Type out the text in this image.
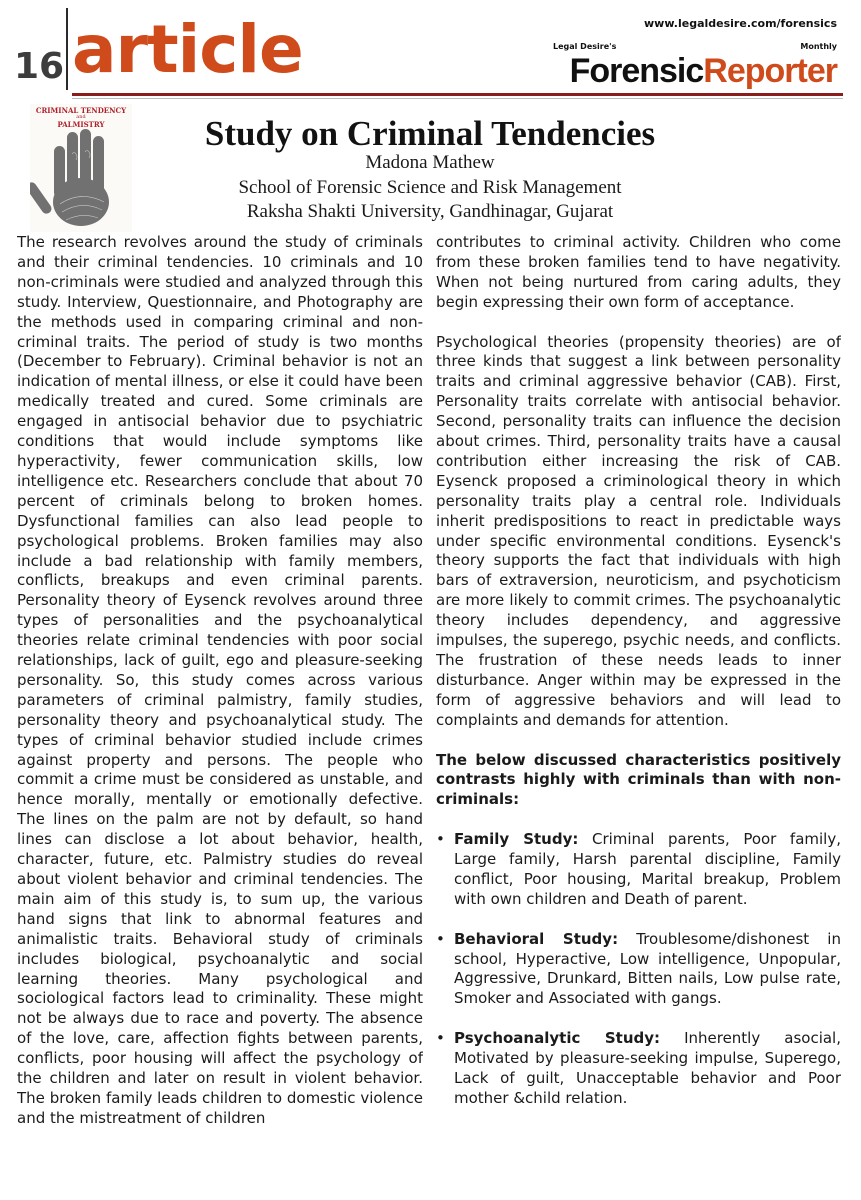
16 article	www.legaldesire.com/forensics
Legal Desire's	Monthly
ForensicReporter
CRIMINAL TENDENCY
and
PALMISTRY	Study on Criminal Tendencies
Madona Mathew
School of Forensic Science and Risk Management
Raksha Shakti University, Gandhinagar, Gujarat

The research revolves around the study of criminals and their criminal tendencies. 10 criminals and 10 non-criminals were studied and analyzed through this study. Interview, Questionnaire, and Photography are the methods used in comparing criminal and non-criminal traits. The period of study is two months (December to February). Criminal behavior is not an indication of mental illness, or else it could have been medically treated and cured. Some criminals are engaged in antisocial behavior due to psychiatric conditions that would include symptoms like hyperactivity, fewer communication skills, low intelligence etc. Researchers conclude that about 70 percent of criminals belong to broken homes. Dysfunctional families can also lead people to psychological problems. Broken families may also include a bad relationship with family members, conflicts, breakups and even criminal parents. Personality theory of Eysenck revolves around three types of personalities and the psychoanalytical theories relate criminal tendencies with poor social relationships, lack of guilt, ego and pleasure-seeking personality. So, this study comes across various parameters of criminal palmistry, family studies, personality theory and psychoanalytical study. The types of criminal behavior studied include crimes against property and persons. The people who commit a crime must be considered as unstable, and hence morally, mentally or emotionally defective. The lines on the palm are not by default, so hand lines can disclose a lot about behavior, health, character, future, etc. Palmistry studies do reveal about violent behavior and criminal tendencies. The main aim of this study is, to sum up, the various hand signs that link to abnormal features and animalistic traits. Behavioral study of criminals includes biological, psychoanalytic and social learning theories. Many psychological and sociological factors lead to criminality. These might not be always due to race and poverty. The absence of the love, care, affection fights between parents, conflicts, poor housing will affect the psychology of the children and later on result in violent behavior. The broken family leads children to domestic violence and the mistreatment of children

contributes to criminal activity. Children who come from these broken families tend to have negativity. When not being nurtured from caring adults, they begin expressing their own form of acceptance.

Psychological theories (propensity theories) are of three kinds that suggest a link between personality traits and criminal aggressive behavior (CAB). First, Personality traits correlate with antisocial behavior. Second, personality traits can influence the decision about crimes. Third, personality traits have a causal contribution either increasing the risk of CAB. Eysenck proposed a criminological theory in which personality traits play a central role. Individuals inherit predispositions to react in predictable ways under specific environmental conditions. Eysenck's theory supports the fact that individuals with high bars of extraversion, neuroticism, and psychoticism are more likely to commit crimes. The psychoanalytic theory includes dependency, and aggressive impulses, the superego, psychic needs, and conflicts. The frustration of these needs leads to inner disturbance. Anger within may be expressed in the form of aggressive behaviors and will lead to complaints and demands for attention.

The below discussed characteristics positively contrasts highly with criminals than with non-criminals:

• Family Study: Criminal parents, Poor family, Large family, Harsh parental discipline, Family conflict, Poor housing, Marital breakup, Problem with own children and Death of parent.
• Behavioral Study: Troublesome/dishonest in school, Hyperactive, Low intelligence, Unpopular, Aggressive, Drunkard, Bitten nails, Low pulse rate, Smoker and Associated with gangs.
• Psychoanalytic Study: Inherently asocial, Motivated by pleasure-seeking impulse, Superego, Lack of guilt, Unacceptable behavior and Poor mother &child relation.
